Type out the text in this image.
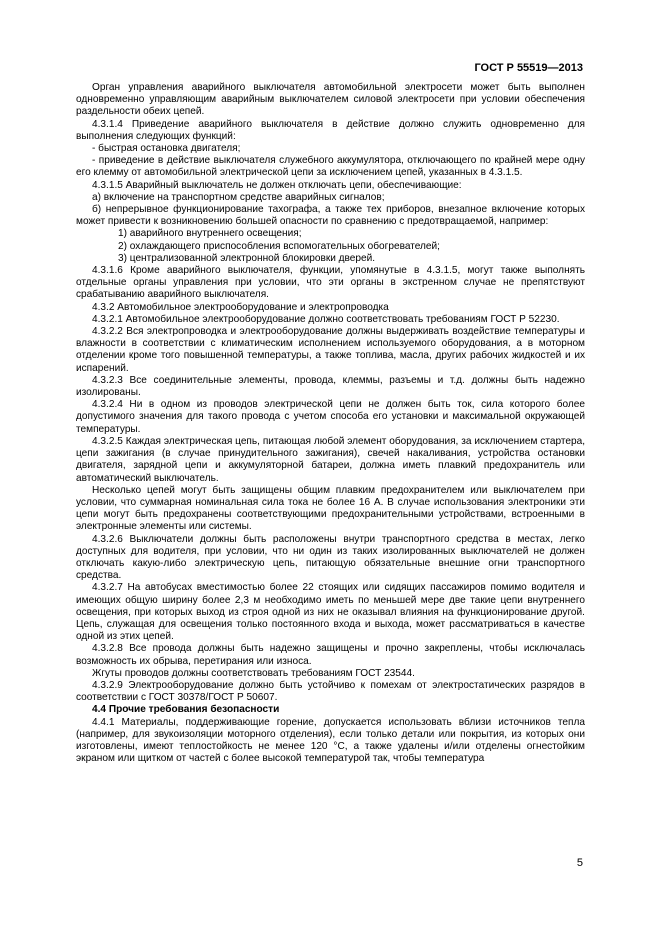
ГОСТ Р 55519—2013

Орган управления аварийного выключателя автомобильной электросети может быть выполнен одновременно управляющим аварийным выключателем силовой электросети при условии обеспечения раздельности обеих цепей.

4.3.1.4 Приведение аварийного выключателя в действие должно служить одновременно для выполнения следующих функций:

- быстрая остановка двигателя;

- приведение в действие выключателя служебного аккумулятора, отключающего по крайней мере одну его клемму от автомобильной электрической цепи за исключением цепей, указанных в 4.3.1.5.

4.3.1.5 Аварийный выключатель не должен отключать цепи, обеспечивающие:

а) включение на транспортном средстве аварийных сигналов;

б) непрерывное функционирование тахографа, а также тех приборов, внезапное включение которых может привести к возникновению большей опасности по сравнению с предотвращаемой, например:

1) аварийного внутреннего освещения;

2) охлаждающего приспособления вспомогательных обогревателей;

3) централизованной электронной блокировки дверей.

4.3.1.6 Кроме аварийного выключателя, функции, упомянутые в 4.3.1.5, могут также выполнять отдельные органы управления при условии, что эти органы в экстренном случае не препятствуют срабатыванию аварийного выключателя.

4.3.2 Автомобильное электрооборудование и электропроводка

4.3.2.1 Автомобильное электрооборудование должно соответствовать требованиям ГОСТ Р 52230.

4.3.2.2 Вся электропроводка и электрооборудование должны выдерживать воздействие температуры и влажности в соответствии с климатическим исполнением используемого оборудования, а в моторном отделении кроме того повышенной температуры, а также топлива, масла, других рабочих жидкостей и их испарений.

4.3.2.3 Все соединительные элементы, провода, клеммы, разъемы и т.д. должны быть надежно изолированы.

4.3.2.4 Ни в одном из проводов электрической цепи не должен быть ток, сила которого более допустимого значения для такого провода с учетом способа его установки и максимальной окружающей температуры.

4.3.2.5 Каждая электрическая цепь, питающая любой элемент оборудования, за исключением стартера, цепи зажигания (в случае принудительного зажигания), свечей накаливания, устройства остановки двигателя, зарядной цепи и аккумуляторной батареи, должна иметь плавкий предохранитель или автоматический выключатель.

Несколько цепей могут быть защищены общим плавким предохранителем или выключателем при условии, что суммарная номинальная сила тока не более 16 А. В случае использования электроники эти цепи могут быть предохранены соответствующими предохранительными устройствами, встроенными в электронные элементы или системы.

4.3.2.6 Выключатели должны быть расположены внутри транспортного средства в местах, легко доступных для водителя, при условии, что ни один из таких изолированных выключателей не должен отключать какую-либо электрическую цепь, питающую обязательные внешние огни транспортного средства.

4.3.2.7 На автобусах вместимостью более 22 стоящих или сидящих пассажиров помимо водителя и имеющих общую ширину более 2,3 м необходимо иметь по меньшей мере две такие цепи внутреннего освещения, при которых выход из строя одной из них не оказывал влияния на функционирование другой. Цепь, служащая для освещения только постоянного входа и выхода, может рассматриваться в качестве одной из этих цепей.

4.3.2.8 Все провода должны быть надежно защищены и прочно закреплены, чтобы исключалась возможность их обрыва, перетирания или износа.

Жгуты проводов должны соответствовать требованиям ГОСТ 23544.

4.3.2.9 Электрооборудование должно быть устойчиво к помехам от электростатических разрядов в соответствии с ГОСТ 30378/ГОСТ Р 50607.

4.4 Прочие требования безопасности

4.4.1 Материалы, поддерживающие горение, допускается использовать вблизи источников тепла (например, для звукоизоляции моторного отделения), если только детали или покрытия, из которых они изготовлены, имеют теплостойкость не менее 120 °С, а также удалены и/или отделены огнестойким экраном или щитком от частей с более высокой температурой так, чтобы температура

5
